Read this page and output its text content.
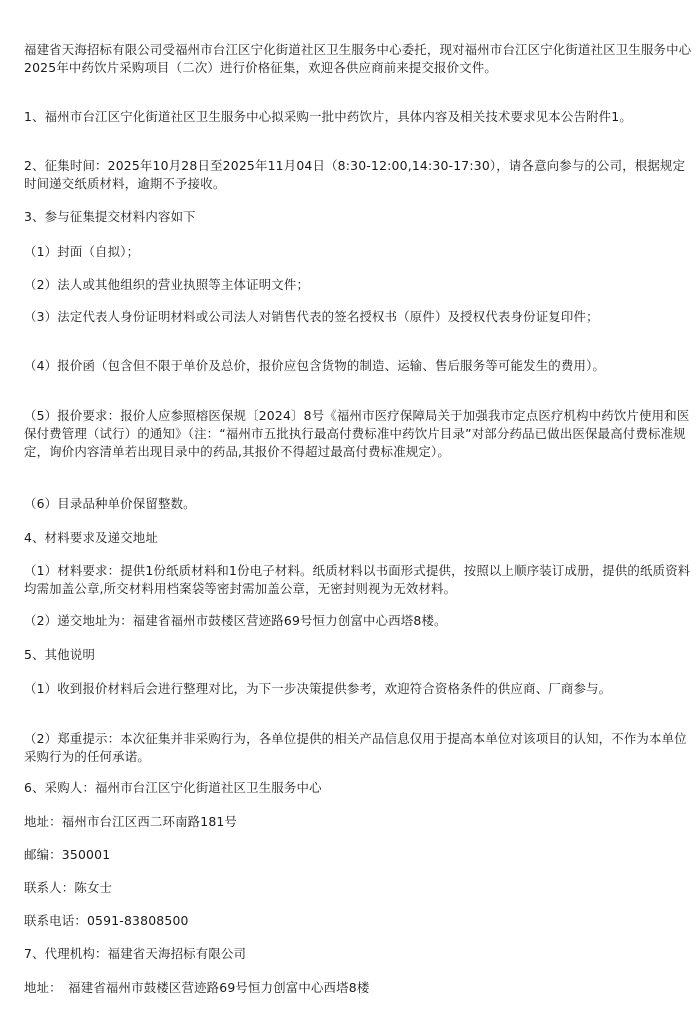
福建省天海招标有限公司受福州市台江区宁化街道社区卫生服务中心委托，现对福州市台江区宁化街道社区卫生服务中心2025年中药饮片采购项目（二次）进行价格征集，欢迎各供应商前来提交报价文件。

1、福州市台江区宁化街道社区卫生服务中心拟采购一批中药饮片，具体内容及相关技术要求见本公告附件1。

2、征集时间：2025年10月28日至2025年11月04日（8:30-12:00,14:30-17:30），请各意向参与的公司，根据规定时间递交纸质材料，逾期不予接收。

3、参与征集提交材料内容如下

（1）封面（自拟）；

（2）法人或其他组织的营业执照等主体证明文件；

（3）法定代表人身份证明材料或公司法人对销售代表的签名授权书（原件）及授权代表身份证复印件；

（4）报价函（包含但不限于单价及总价，报价应包含货物的制造、运输、售后服务等可能发生的费用）。

（5）报价要求：报价人应参照榕医保规〔2024〕8号《福州市医疗保障局关于加强我市定点医疗机构中药饮片使用和医保付费管理（试行）的通知》（注：“福州市五批执行最高付费标准中药饮片目录”对部分药品已做出医保最高付费标准规定，询价内容清单若出现目录中的药品,其报价不得超过最高付费标准规定）。

（6）目录品种单价保留整数。

4、材料要求及递交地址

（1）材料要求：提供1份纸质材料和1份电子材料。纸质材料以书面形式提供，按照以上顺序装订成册，提供的纸质资料均需加盖公章,所交材料用档案袋等密封需加盖公章，无密封则视为无效材料。

（2）递交地址为：福建省福州市鼓楼区营迹路69号恒力创富中心西塔8楼。

5、其他说明

（1）收到报价材料后会进行整理对比，为下一步决策提供参考，欢迎符合资格条件的供应商、厂商参与。

（2）郑重提示：本次征集并非采购行为，各单位提供的相关产品信息仅用于提高本单位对该项目的认知，不作为本单位采购行为的任何承诺。

6、采购人：福州市台江区宁化街道社区卫生服务中心

地址：福州市台江区西二环南路181号

邮编：350001

联系人：陈女士

联系电话：0591-83808500

7、代理机构：福建省天海招标有限公司

地址：　福建省福州市鼓楼区营迹路69号恒力创富中心西塔8楼
